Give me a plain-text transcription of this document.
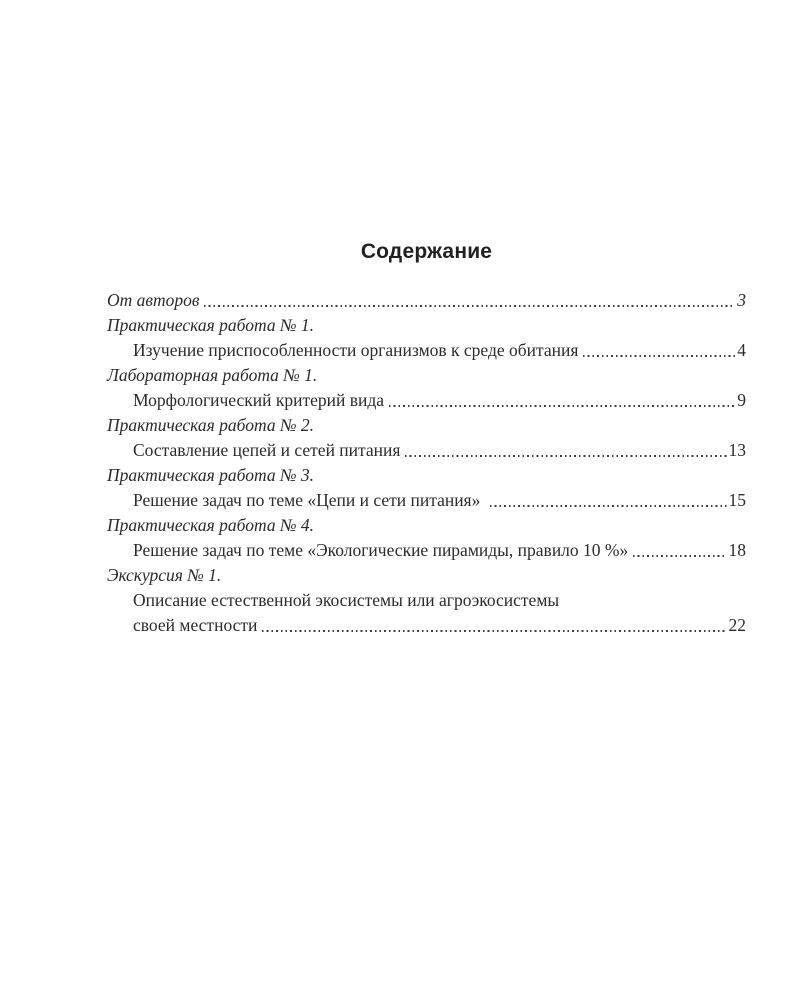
Содержание
От авторов	3
Практическая работа № 1.
Изучение приспособленности организмов к среде обитания	4
Лабораторная работа № 1.
Морфологический критерий вида	9
Практическая работа № 2.
Составление цепей и сетей питания	13
Практическая работа № 3.
Решение задач по теме «Цепи и сети питания»	15
Практическая работа № 4.
Решение задач по теме «Экологические пирамиды, правило 10 %»	18
Экскурсия № 1.
Описание естественной экосистемы или агроэкосистемы
своей местности	22
